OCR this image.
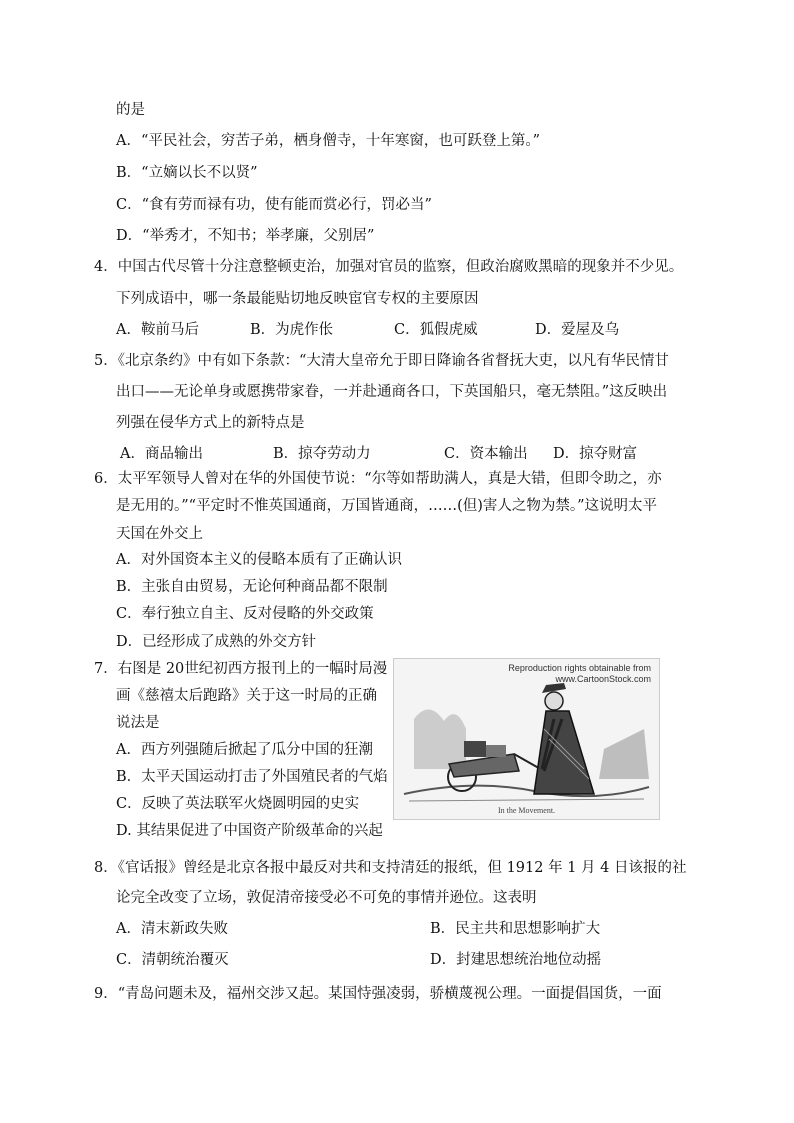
的是
A．“平民社会，穷苦子弟，栖身僧寺，十年寒窗，也可跃登上第。”
B．“立嫡以长不以贤”
C．“食有劳而禄有功，使有能而赏必行，罚必当”
D．“举秀才，不知书；举孝廉，父别居”
4．中国古代尽管十分注意整顿吏治，加强对官员的监察，但政治腐败黑暗的现象并不少见。
下列成语中，哪一条最能贴切地反映宦官专权的主要原因
A．鞍前马后	B．为虎作伥	C．狐假虎威	D．爱屋及乌
5．《北京条约》中有如下条款：“大清大皇帝允于即日降谕各省督抚大吏，以凡有华民情甘
出口——无论单身或愿携带家眷，一并赴通商各口，下英国船只，毫无禁阻。”这反映出
列强在侵华方式上的新特点是
A．商品输出	B．掠夺劳动力	C．资本输出 D．掠夺财富
6．太平军领导人曾对在华的外国使节说：“尔等如帮助满人，真是大错，但即令助之，亦
是无用的。”“平定时不惟英国通商，万国皆通商，……(但)害人之物为禁。”这说明太平
天国在外交上
A．对外国资本主义的侵略本质有了正确认识
B．主张自由贸易，无论何种商品都不限制
C．奉行独立自主、反对侵略的外交政策
D．已经形成了成熟的外交方针
7．右图是 20世纪初西方报刊上的一幅时局漫
画《慈禧太后跑路》关于这一时局的正确
说法是
A．西方列强随后掀起了瓜分中国的狂潮
B．太平天国运动打击了外国殖民者的气焰
C．反映了英法联军火烧圆明园的史实
D. 其结果促进了中国资产阶级革命的兴起
Reproduction rights obtainable from
www.CartoonStock.com
In the Movement.
8．《官话报》曾经是北京各报中最反对共和支持清廷的报纸，但 1912 年 1 月 4 日该报的社
论完全改变了立场，敦促清帝接受必不可免的事情并逊位。这表明
A．清末新政失败	B．民主共和思想影响扩大
C．清朝统治覆灭	D．封建思想统治地位动摇
9．“青岛问题未及，福州交涉又起。某国恃强凌弱，骄横蔑视公理。一面提倡国货，一面
